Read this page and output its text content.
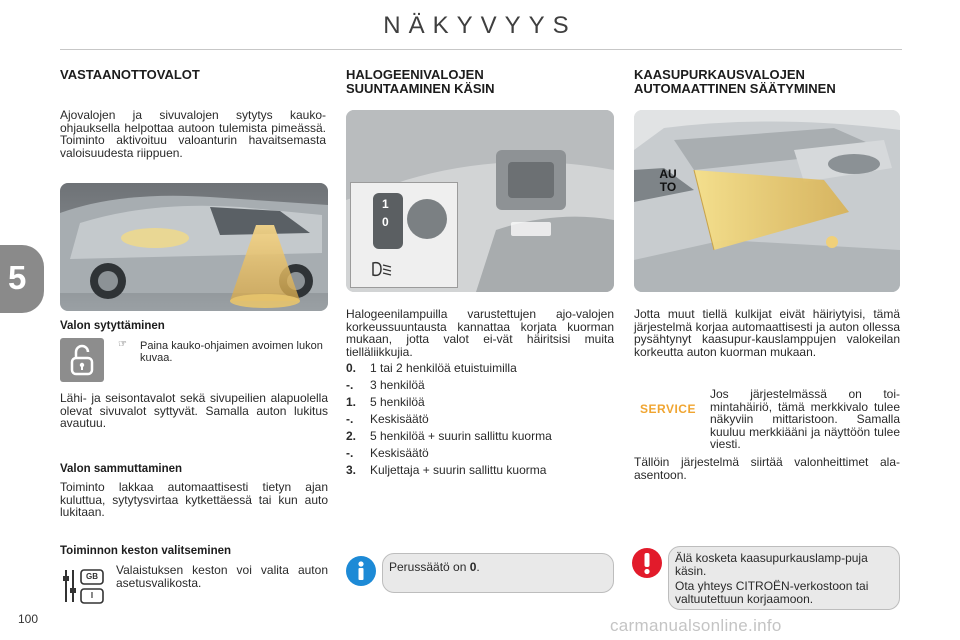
NÄKYVYYS
5
VASTAANOTTOVALOT
Ajovalojen ja sivuvalojen sytytys kauko-ohjauksella helpottaa autoon tulemista pimeässä. Toiminto aktivoituu valoanturin havaitsemasta valoisuudesta riippuen.
Valon sytyttäminen
☞	Paina kauko-ohjaimen avoimen lukon kuvaa.
Lähi- ja seisontavalot sekä sivupeilien alapuolella olevat sivuvalot syttyvät. Samalla auton lukitus avautuu.
Valon sammuttaminen
Toiminto lakkaa automaattisesti tietyn ajan kuluttua, sytytysvirtaa kytkettäessä tai kun auto lukitaan.
Toiminnon keston valitseminen
GB
I
Valaistuksen keston voi valita auton asetusvalikosta.
HALOGEENIVALOJEN SUUNTAAMINEN KÄSIN
1
0
Halogeenilampuilla varustettujen ajo-valojen korkeussuuntausta kannattaa korjata kuorman mukaan, jotta valot ei-vät häiritsisi muita tielläliikkujia.
0.	1 tai 2 henkilöä etuistuimilla
-.	3 henkilöä
1.	5 henkilöä
-.	Keskisäätö
2.	5 henkilöä + suurin sallittu kuorma
-.	Keskisäätö
3.	Kuljettaja + suurin sallittu kuorma
Perussäätö on 0.
KAASUPURKAUSVALOJEN AUTOMAATTINEN SÄÄTYMINEN
AUTO
Jotta muut tiellä kulkijat eivät häiriytyisi, tämä järjestelmä korjaa automaattisesti ja auton ollessa pysähtynyt kaasupur-kauslamppujen valokeilan korkeutta auton kuorman mukaan.
SERVICE
Jos järjestelmässä on toi-mintahäiriö, tämä merkkivalo tulee näkyviin mittaristoon. Samalla kuuluu merkkiääni ja näyttöön tulee viesti.
Tällöin järjestelmä siirtää valonheittimet ala-asentoon.
Älä kosketa kaasupurkauslamp-puja käsin.
Ota yhteys CITROËN-verkostoon tai valtuutettuun korjaamoon.
100	carmanualsonline.info
